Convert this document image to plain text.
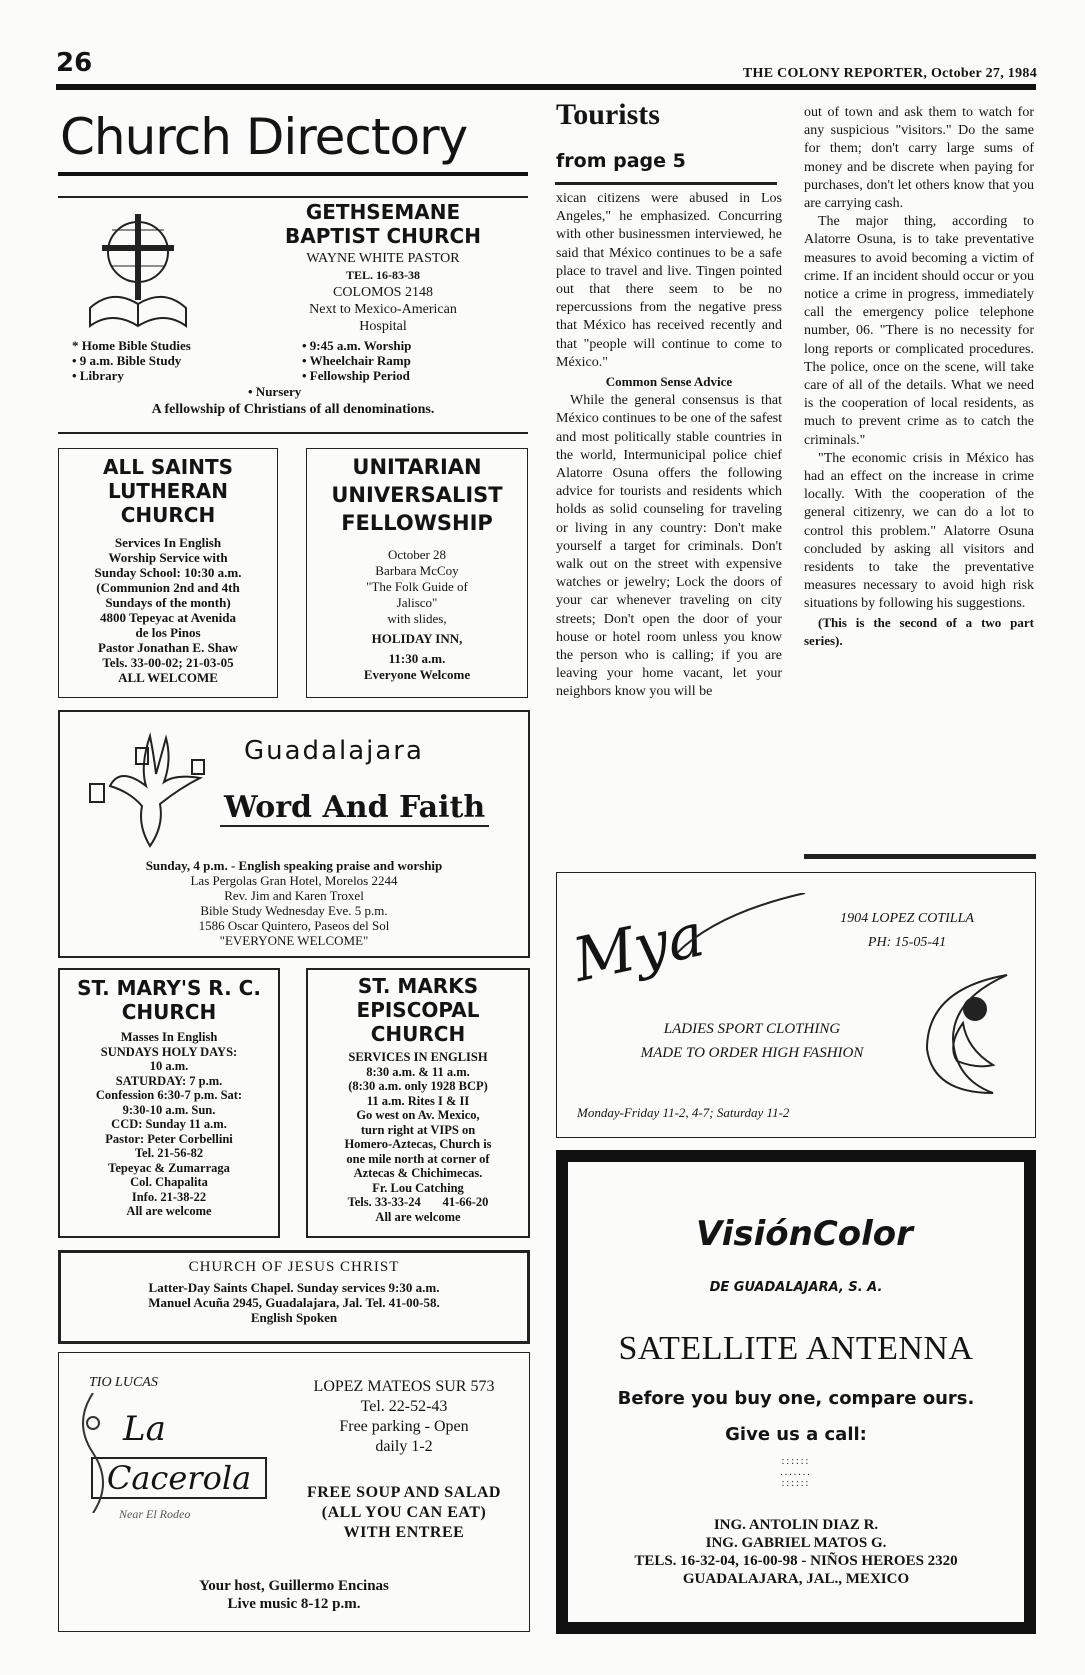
26	THE COLONY REPORTER, October 27, 1984
Church Directory
GETHSEMANE
BAPTIST CHURCH
WAYNE WHITE PASTOR
TEL. 16-83-38
COLOMOS 2148
Next to Mexico-American
Hospital
* Home Bible Studies
• 9 a.m. Bible Study
• Library
• 9:45 a.m. Worship
• Wheelchair Ramp
• Fellowship Period
• Nursery
A fellowship of Christians of all denominations.
ALL SAINTS
LUTHERAN
CHURCH
Services In English
Worship Service with
Sunday School: 10:30 a.m.
(Communion 2nd and 4th
Sundays of the month)
4800 Tepeyac at Avenida
de los Pinos
Pastor Jonathan E. Shaw
Tels. 33-00-02; 21-03-05
ALL WELCOME
UNITARIAN
UNIVERSALIST
FELLOWSHIP
October 28
Barbara McCoy
"The Folk Guide of
Jalisco"
with slides,
HOLIDAY INN,
11:30 a.m.
Everyone Welcome
Guadalajara
Word And Faith
Sunday, 4 p.m. - English speaking praise and worship
Las Pergolas Gran Hotel, Morelos 2244
Rev. Jim and Karen Troxel
Bible Study Wednesday Eve. 5 p.m.
1586 Oscar Quintero, Paseos del Sol
"EVERYONE WELCOME"
ST. MARY'S R. C.
CHURCH
Masses In English
SUNDAYS HOLY DAYS:
10 a.m.
SATURDAY: 7 p.m.
Confession 6:30-7 p.m. Sat:
9:30-10 a.m. Sun.
CCD: Sunday 11 a.m.
Pastor: Peter Corbellini
Tel. 21-56-82
Tepeyac & Zumarraga
Col. Chapalita
Info. 21-38-22
All are welcome
ST. MARKS
EPISCOPAL
CHURCH
SERVICES IN ENGLISH
8:30 a.m. & 11 a.m.
(8:30 a.m. only 1928 BCP)
11 a.m. Rites I & II
Go west on Av. Mexico,
turn right at VIPS on
Homero-Aztecas, Church is
one mile north at corner of
Aztecas & Chichimecas.
Fr. Lou Catching
Tels. 33-33-24       41-66-20
All are welcome
CHURCH OF JESUS CHRIST
Latter-Day Saints Chapel. Sunday services 9:30 a.m.
Manuel Acuña 2945, Guadalajara, Jal. Tel. 41-00-58.
English Spoken
TIO LUCAS
La
Cacerola
Near El Rodeo
LOPEZ MATEOS SUR 573
Tel. 22-52-43
Free parking - Open
daily 1-2
FREE SOUP AND SALAD
(ALL YOU CAN EAT)
WITH ENTREE
Your host, Guillermo Encinas
Live music 8-12 p.m.
Tourists
from page 5

xican citizens were abused in Los Angeles," he emphasized. Concurring with other businessmen interviewed, he said that México continues to be a safe place to travel and live. Tingen pointed out that there seem to be no repercussions from the negative press that México has received recently and that "people will continue to come to México."

Common Sense Advice

While the general consensus is that México continues to be one of the safest and most politically stable countries in the world, Intermunicipal police chief Alatorre Osuna offers the following advice for tourists and residents which holds as solid counseling for traveling or living in any country: Don't make yourself a target for criminals. Don't walk out on the street with expensive watches or jewelry; Lock the doors of your car whenever traveling on city streets; Don't open the door of your house or hotel room unless you know the person who is calling; if you are leaving your home vacant, let your neighbors know you will be

out of town and ask them to watch for any suspicious "visitors." Do the same for them; don't carry large sums of money and be discrete when paying for purchases, don't let others know that you are carrying cash.

The major thing, according to Alatorre Osuna, is to take preventative measures to avoid becoming a victim of crime. If an incident should occur or you notice a crime in progress, immediately call the emergency police telephone number, 06. "There is no necessity for long reports or complicated procedures. The police, once on the scene, will take care of all of the details. What we need is the cooperation of local residents, as much to prevent crime as to catch the criminals."

"The economic crisis in México has had an effect on the increase in crime locally. With the cooperation of the general citizenry, we can do a lot to control this problem." Alatorre Osuna concluded by asking all visitors and residents to take the preventative measures necessary to avoid high risk situations by following his suggestions.

(This is the second of a two part series).

Mya	1904 LOPEZ COTILLA
PH: 15-05-41
LADIES SPORT CLOTHING
MADE TO ORDER HIGH FASHION
Monday-Friday 11-2, 4-7; Saturday 11-2
VisiónColor
DE GUADALAJARA, S. A.
SATELLITE ANTENNA
Before you buy one, compare ours.
Give us a call:
::::::
.......
::::::
ING. ANTOLIN DIAZ R.
ING. GABRIEL MATOS G.
TELS. 16-32-04, 16-00-98 - NIÑOS HEROES 2320
GUADALAJARA, JAL., MEXICO
